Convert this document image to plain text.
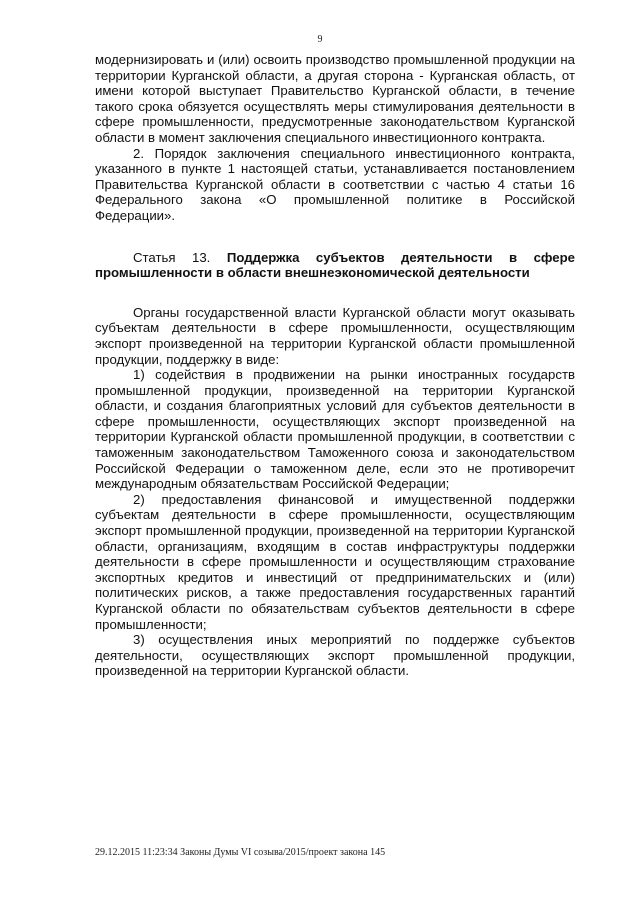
9

модернизировать и (или) освоить производство промышленной продукции на территории Курганской области, а другая сторона - Курганская область, от имени которой выступает Правительство Курганской области, в течение такого срока обязуется осуществлять меры стимулирования деятельности в сфере промышленности, предусмотренные законодательством Курганской области в момент заключения специального инвестиционного контракта.

2. Порядок заключения специального инвестиционного контракта, указанного в пункте 1 настоящей статьи, устанавливается постановлением Правительства Курганской области в соответствии с частью 4 статьи 16 Федерального закона «О промышленной политике в Российской Федерации».

Статья 13. Поддержка субъектов деятельности в сфере промышленности в области внешнеэкономической деятельности

Органы государственной власти Курганской области могут оказывать субъектам деятельности в сфере промышленности, осуществляющим экспорт произведенной на территории Курганской области промышленной продукции, поддержку в виде:

1) содействия в продвижении на рынки иностранных государств промышленной продукции, произведенной на территории Курганской области, и создания благоприятных условий для субъектов деятельности в сфере промышленности, осуществляющих экспорт произведенной на территории Курганской области промышленной продукции, в соответствии с таможенным законодательством Таможенного союза и законодательством Российской Федерации о таможенном деле, если это не противоречит международным обязательствам Российской Федерации;

2) предоставления финансовой и имущественной поддержки субъектам деятельности в сфере промышленности, осуществляющим экспорт промышленной продукции, произведенной на территории Курганской области, организациям, входящим в состав инфраструктуры поддержки деятельности в сфере промышленности и осуществляющим страхование экспортных кредитов и инвестиций от предпринимательских и (или) политических рисков, а также предоставления государственных гарантий Курганской области по обязательствам субъектов деятельности в сфере промышленности;

3) осуществления иных мероприятий по поддержке субъектов деятельности, осуществляющих экспорт промышленной продукции, произведенной на территории Курганской области.

29.12.2015 11:23:34 Законы Думы VI созыва/2015/проект закона 145
